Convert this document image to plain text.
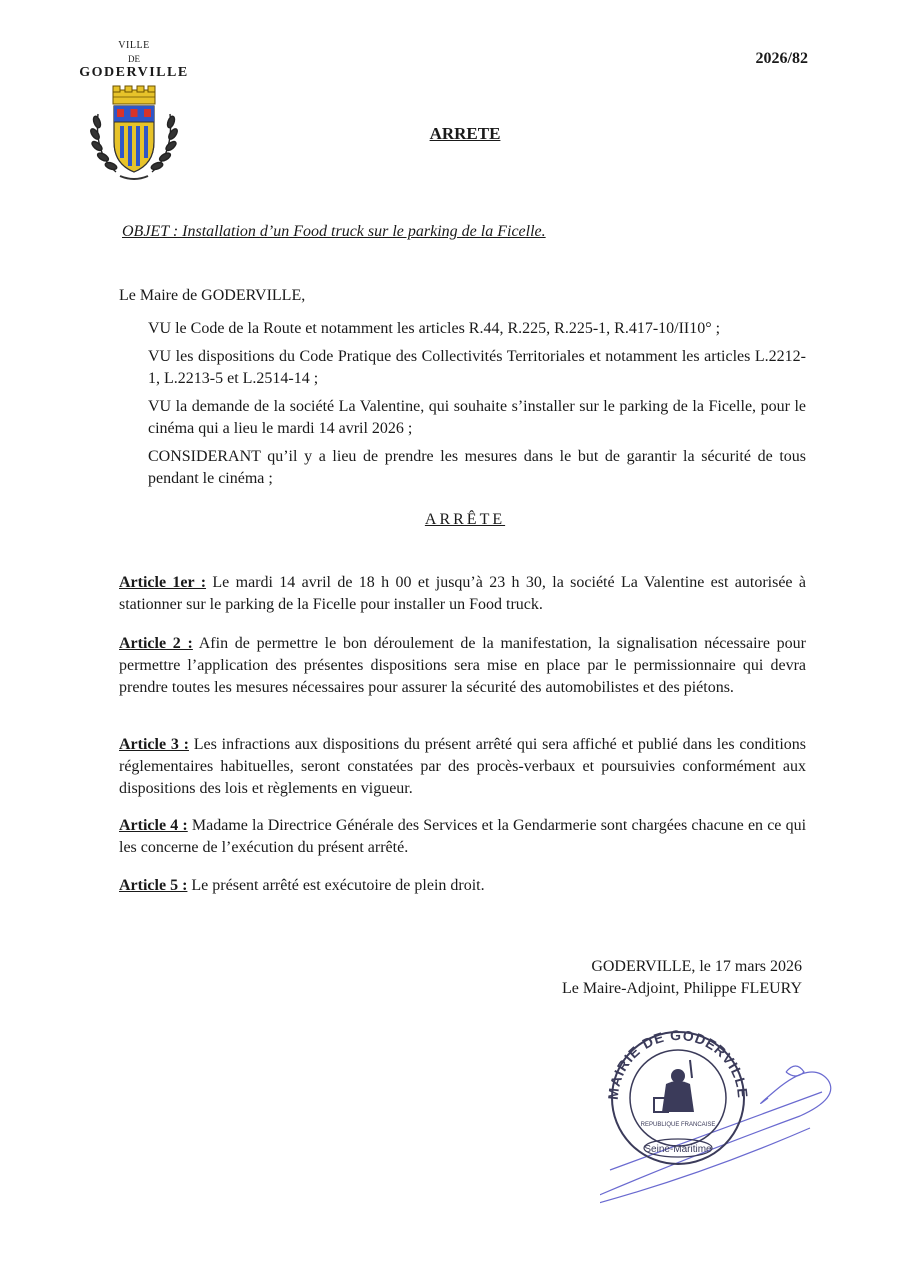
VILLE
DE
GODERVILLE
2026/82
ARRETE
OBJET : Installation d’un Food truck sur le parking de la Ficelle.
Le Maire de GODERVILLE,
VU le Code de la Route et notamment les articles R.44, R.225, R.225-1, R.417-10/II10° ;
VU les dispositions du Code Pratique des Collectivités Territoriales et notamment les articles L.2212-1, L.2213-5 et L.2514-14 ;
VU la demande de la société La Valentine, qui souhaite s’installer sur le parking de la Ficelle, pour le cinéma qui a lieu le mardi 14 avril 2026 ;
CONSIDERANT qu’il y a lieu de prendre les mesures dans le but de garantir la sécurité de tous pendant le cinéma ;
ARRÊTE
Article 1er : Le mardi 14 avril de 18 h 00 et jusqu’à 23 h 30, la société La Valentine est autorisée à stationner sur le parking de la Ficelle pour installer un Food truck.
Article 2 : Afin de permettre le bon déroulement de la manifestation, la signalisation nécessaire pour permettre l’application des présentes dispositions sera mise en place par le permissionnaire qui devra prendre toutes les mesures nécessaires pour assurer la sécurité des automobilistes et des piétons.
Article 3 : Les infractions aux dispositions du présent arrêté qui sera affiché et publié dans les conditions réglementaires habituelles, seront constatées par des procès-verbaux et poursuivies conformément aux dispositions des lois et règlements en vigueur.
Article 4 : Madame la Directrice Générale des Services et la Gendarmerie sont chargées chacune en ce qui les concerne de l’exécution du présent arrêté.
Article 5 : Le présent arrêté est exécutoire de plein droit.
GODERVILLE, le 17 mars 2026
Le Maire-Adjoint, Philippe FLEURY
MAIRIE DE GODERVILLE
REPUBLIQUE FRANCAISE
Seine-Maritime
